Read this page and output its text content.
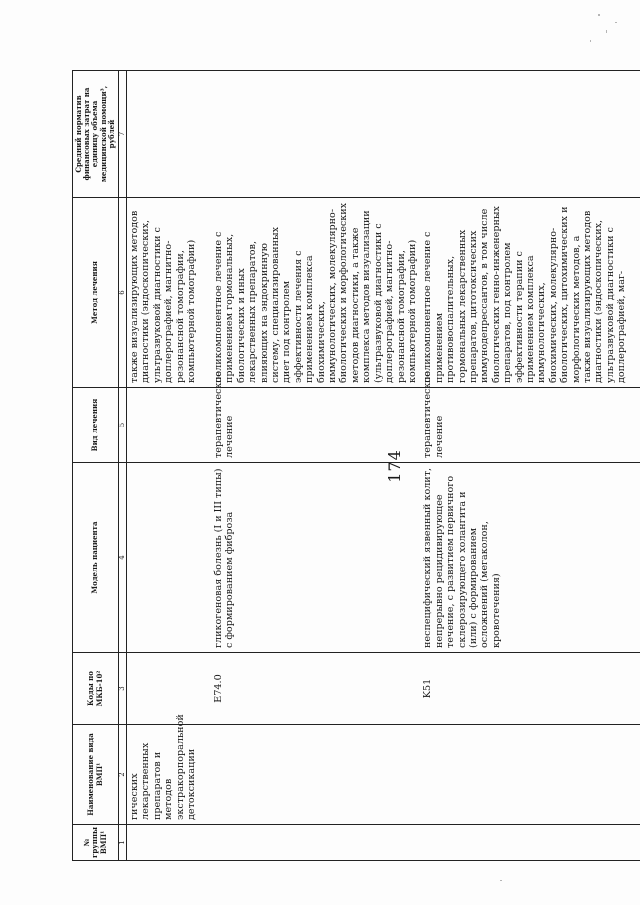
174
№ группы ВМП¹	Наименование вида ВМП¹	Коды по МКБ-10²	Модель пациента	Вид лечения	Метод лечения	Средний норматив финансовых затрат на единицу объема медицинской помощи³, рублей
1	2	3	4	5	6	7
	гических лекарственных препаратов и методов экстракорпоральной детоксикации				также визуализирующих методов диагностики (эндоскопических, ультразвуковой диагностики с доплерографией, магнитно-резонансной томографии, компьютерной томографии)	
		E74.0	гликогеновая болезнь (I и III типы) с формированием фиброза	терапевтическое лечение	поликомпонентное лечение с применением гормональных, биологических и иных лекарственных препаратов, влияющих на эндокринную систему, специализированных диет под контролем эффективности лечения с применением комплекса биохимических, иммунологических, молекулярно-биологических и морфологических методов диагностики, а также комплекса методов визуализации (ультразвуковой диагностики с доплерографией, магнитно-резонансной томографии, компьютерной томографии)	
		K51	неспецифический язвенный колит, непрерывно рецидивирующее течение, с развитием первичного склерозирующего холангита и (или) с формированием осложнений (мегаколон, кровотечения)	терапевтическое лечение	поликомпонентное лечение с применением противовоспалительных, гормональных лекарственных препаратов, цитотоксических иммунодепрессантов, в том числе биологических генно-инженерных препаратов, под контролем эффективности терапии с применением комплекса иммунологических, биохимических, молекулярно-биологических, цитохимических и морфологических методов, а также визуализирующих методов диагностики (эндоскопических, ультразвуковой диагностики с доплерографией, маг-	
